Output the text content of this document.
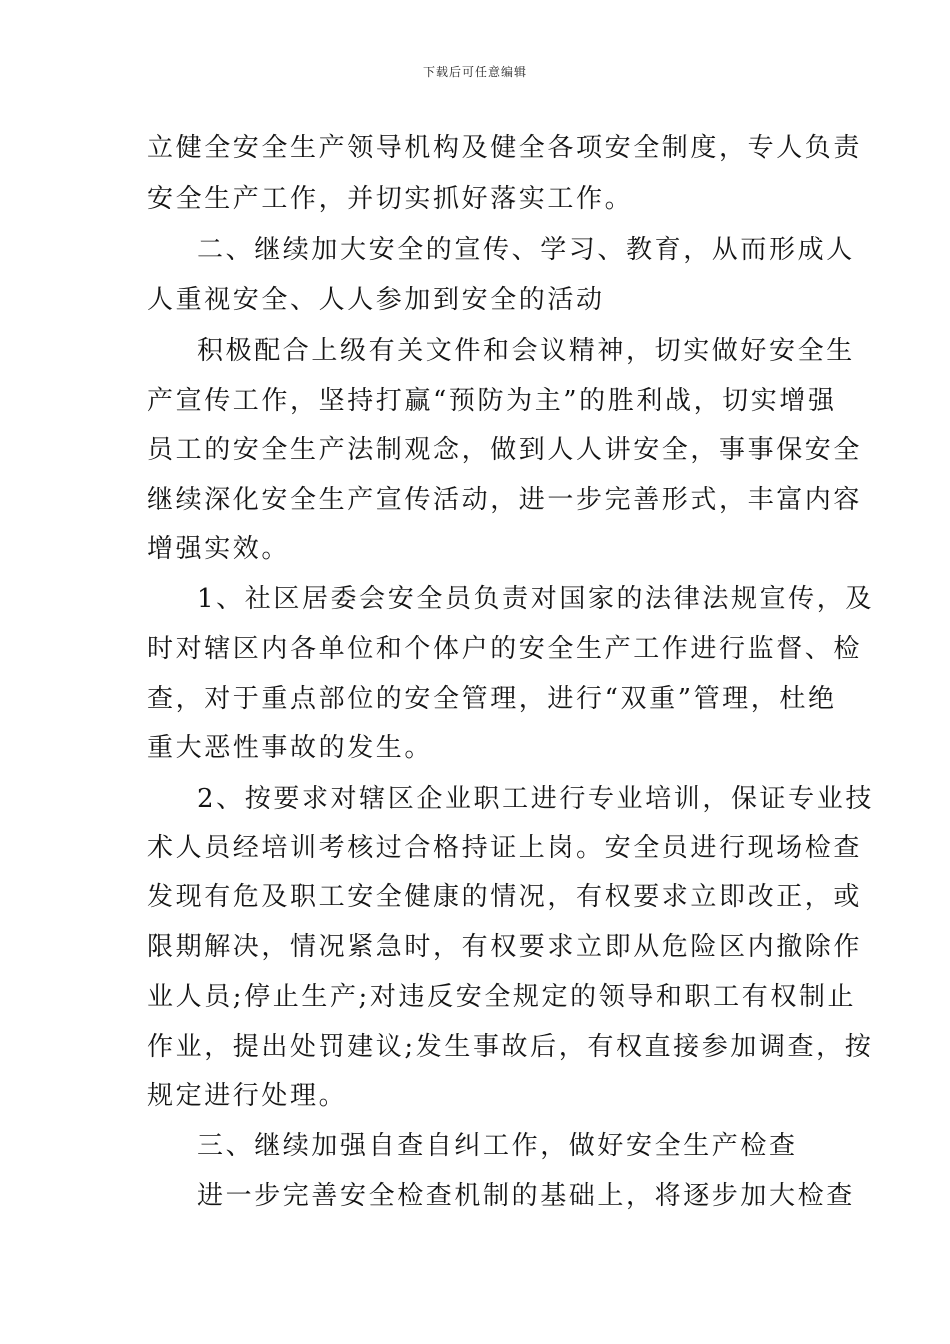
下载后可任意编辑
立健全安全生产领导机构及健全各项安全制度，专人负责
安全生产工作，并切实抓好落实工作。
二、继续加大安全的宣传、学习、教育，从而形成人
人重视安全、人人参加到安全的活动
积极配合上级有关文件和会议精神，切实做好安全生
产宣传工作，坚持打赢“预防为主”的胜利战，切实增强
员工的安全生产法制观念，做到人人讲安全，事事保安全
继续深化安全生产宣传活动，进一步完善形式，丰富内容
增强实效。
1、社区居委会安全员负责对国家的法律法规宣传，及
时对辖区内各单位和个体户的安全生产工作进行监督、检
查，对于重点部位的安全管理，进行“双重”管理，杜绝
重大恶性事故的发生。
2、按要求对辖区企业职工进行专业培训，保证专业技
术人员经培训考核过合格持证上岗。安全员进行现场检查
发现有危及职工安全健康的情况，有权要求立即改正，或
限期解决，情况紧急时，有权要求立即从危险区内撤除作
业人员;停止生产;对违反安全规定的领导和职工有权制止
作业，提出处罚建议;发生事故后，有权直接参加调查，按
规定进行处理。
三、继续加强自查自纠工作，做好安全生产检查
进一步完善安全检查机制的基础上，将逐步加大检查
